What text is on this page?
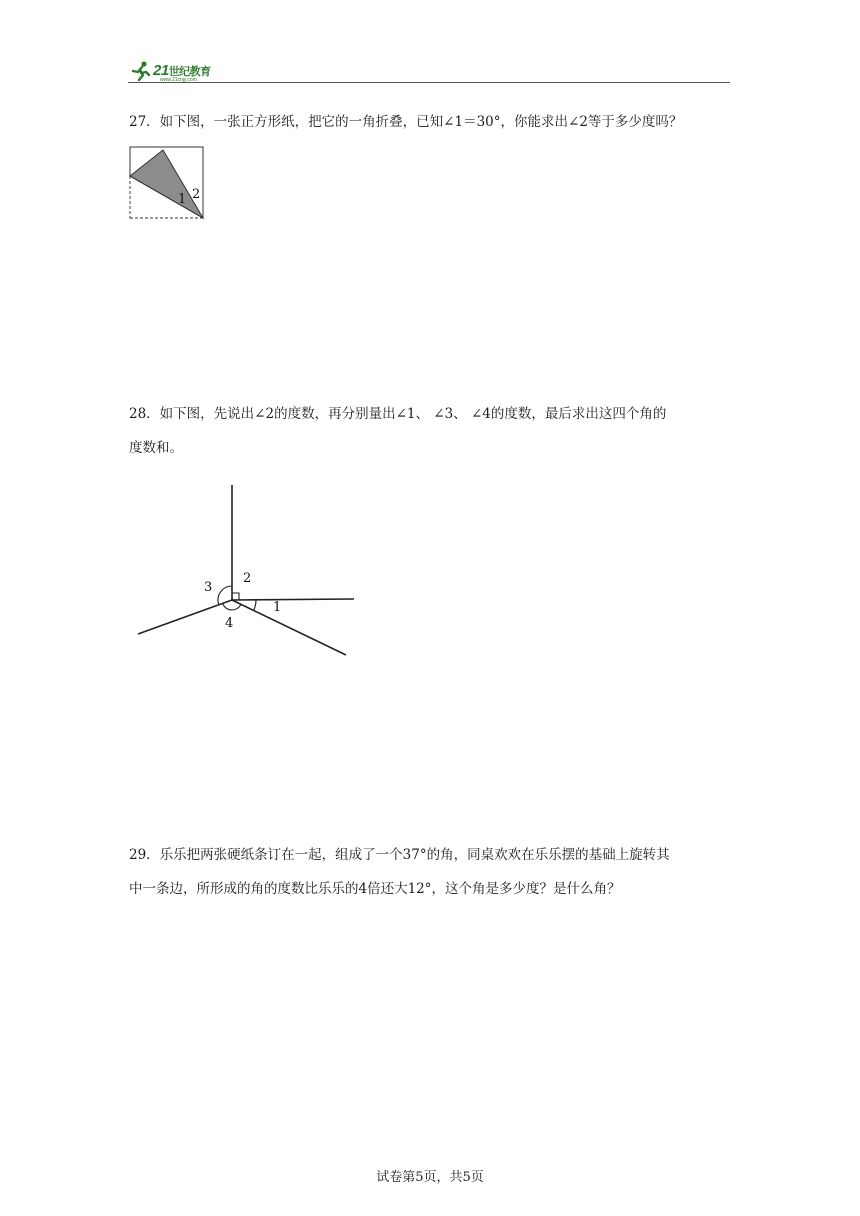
21世纪教育
www.21cnjy.com
27．如下图，一张正方形纸，把它的一角折叠，已知∠1＝30°，你能求出∠2等于多少度吗？
1 2
28．如下图，先说出∠2的度数，再分别量出∠1、 ∠3、 ∠4的度数，最后求出这四个角的
度数和。
1
2
3
4
29．乐乐把两张硬纸条订在一起，组成了一个37°的角，同桌欢欢在乐乐摆的基础上旋转其
中一条边，所形成的角的度数比乐乐的4倍还大12°，这个角是多少度？是什么角？
试卷第5页，共5页
